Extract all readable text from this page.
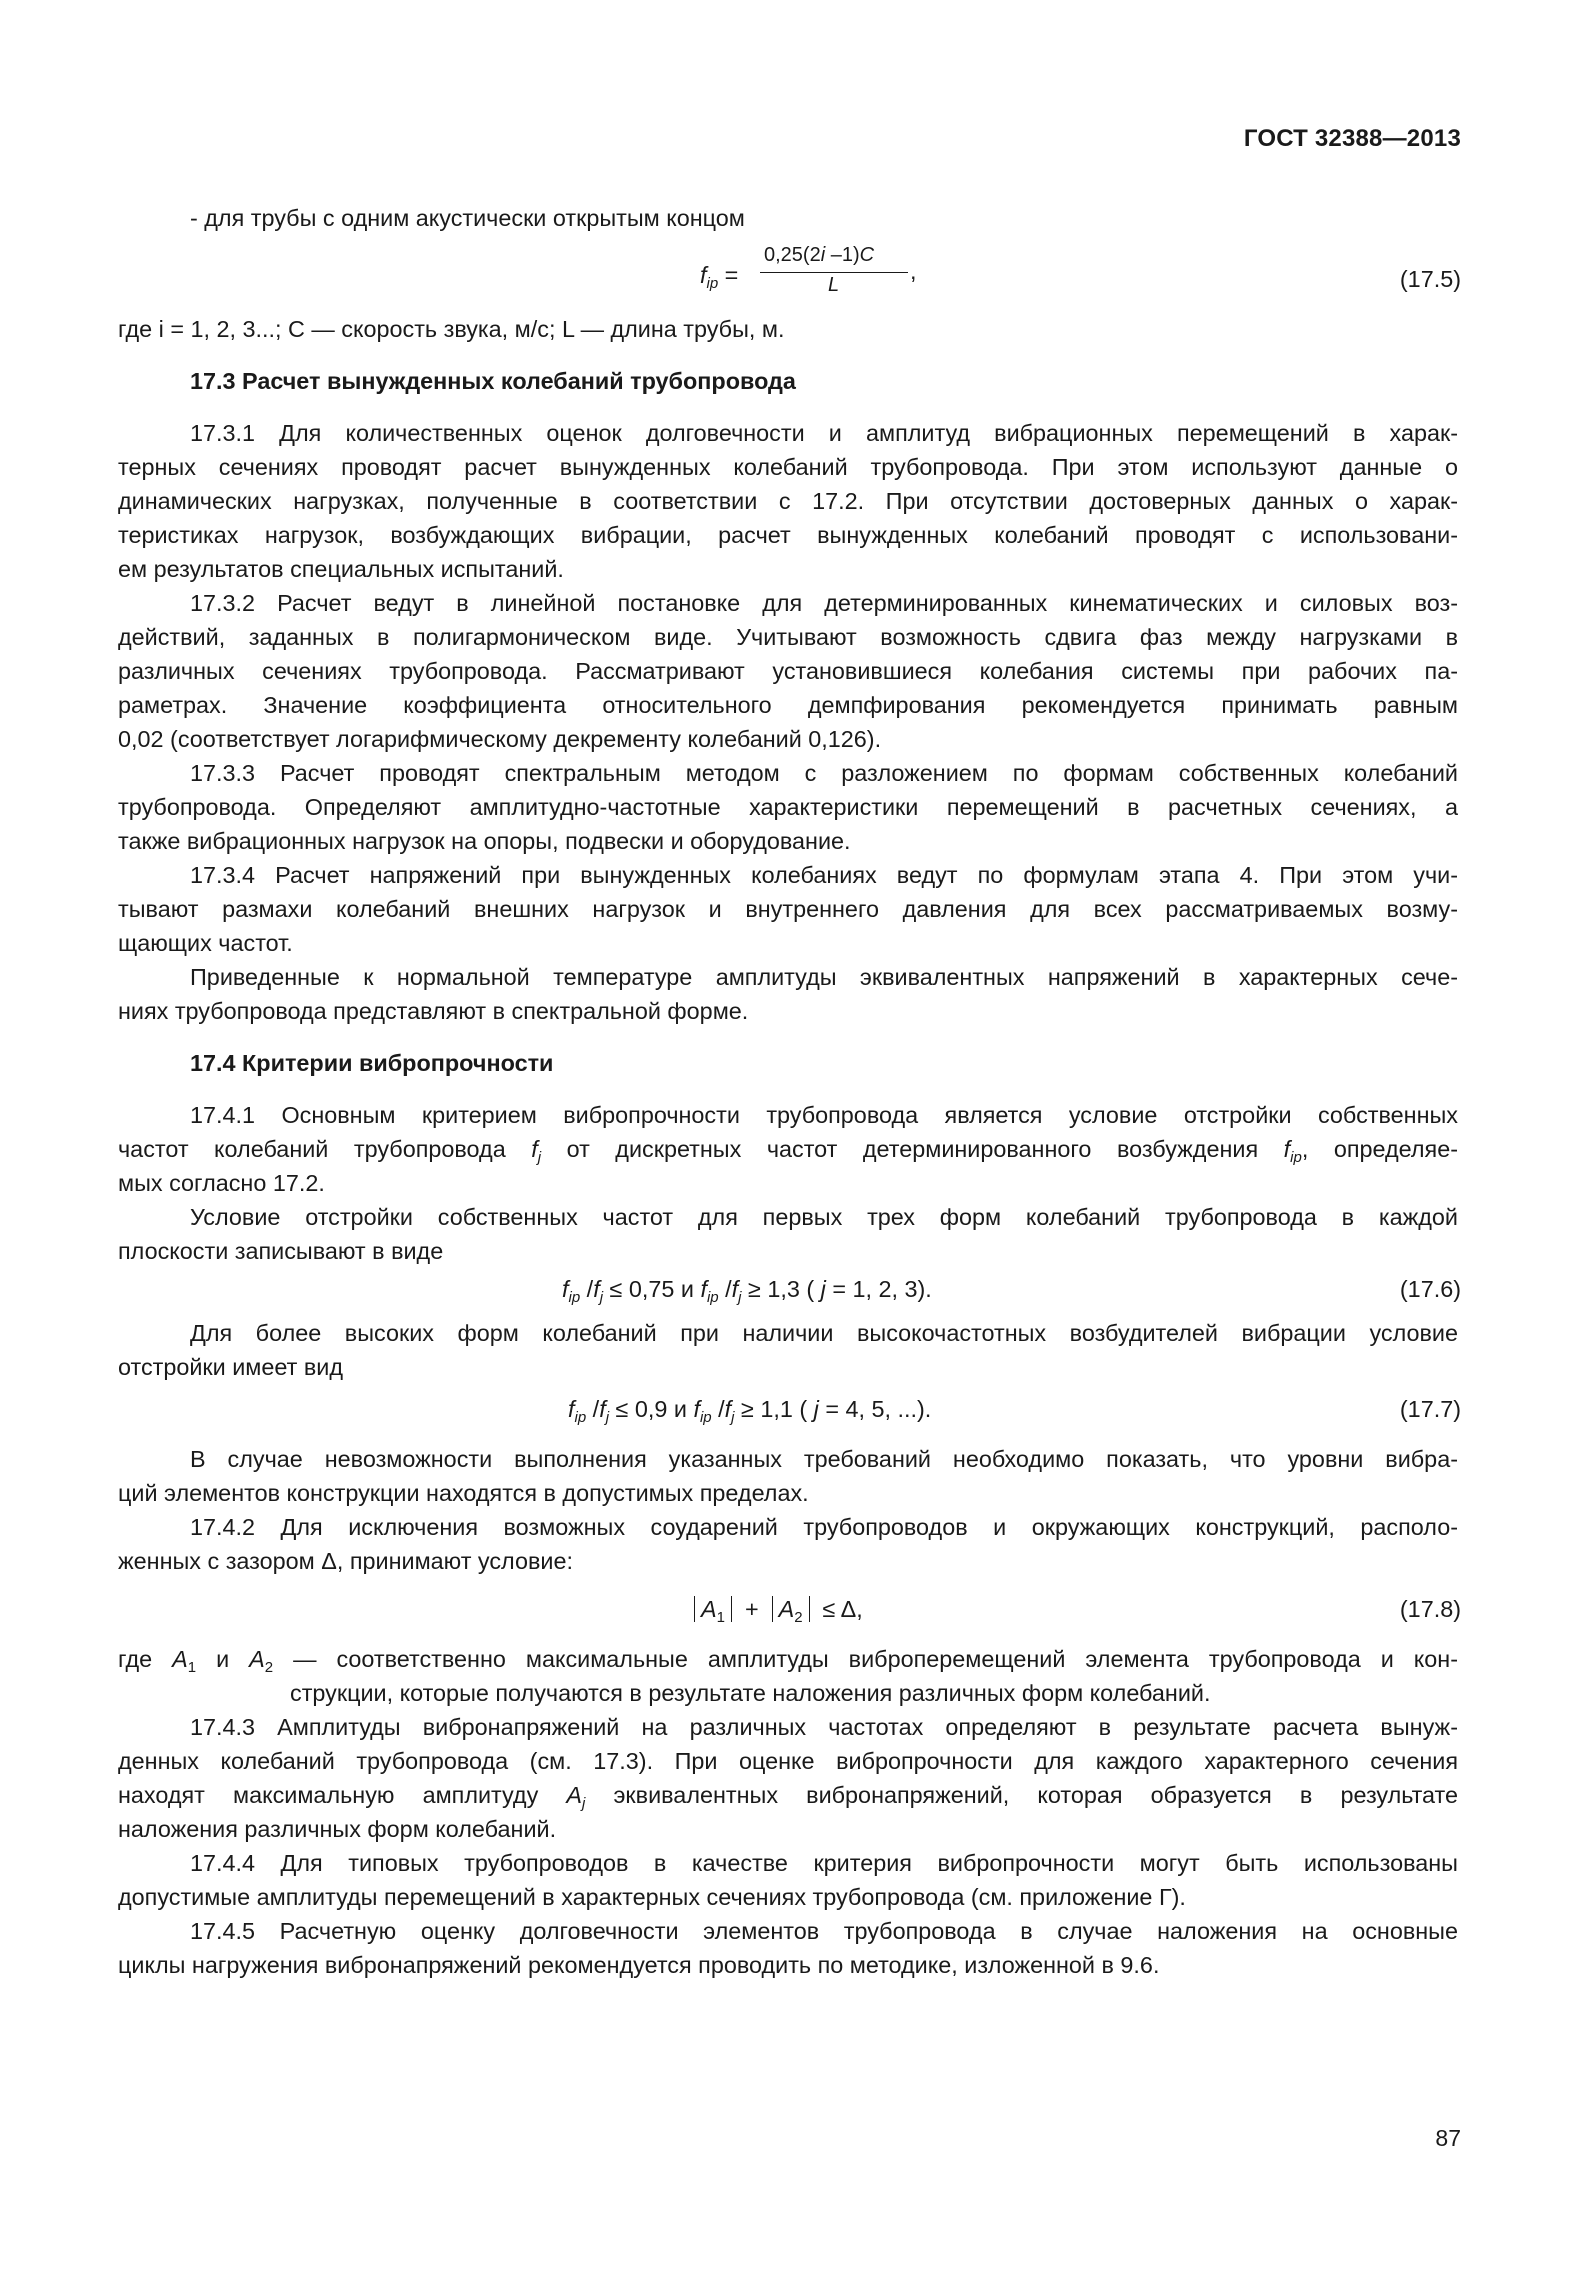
ГОСТ 32388—2013
- для трубы с одним акустически открытым концом
$f_{ip}$ =
0,25(2i –1)C
L
,	(17.5)
где i = 1, 2, 3...; C — скорость звука, м/с; L — длина трубы, м.
17.3 Расчет вынужденных колебаний трубопровода
17.3.1 Для количественных оценок долговечности и амплитуд вибрационных перемещений в харак-
терных сечениях проводят расчет вынужденных колебаний трубопровода. При этом используют данные о
динамических нагрузках, полученные в соответствии с 17.2. При отсутствии достоверных данных о харак-
теристиках нагрузок, возбуждающих вибрации, расчет вынужденных колебаний проводят с использовани-
ем результатов специальных испытаний.
17.3.2 Расчет ведут в линейной постановке для детерминированных кинематических и силовых воз-
действий, заданных в полигармоническом виде. Учитывают возможность сдвига фаз между нагрузками в
различных сечениях трубопровода. Рассматривают установившиеся колебания системы при рабочих па-
раметрах. Значение коэффициента относительного демпфирования рекомендуется принимать равным
0,02 (соответствует логарифмическому декременту колебаний 0,126).
17.3.3 Расчет проводят спектральным методом с разложением по формам собственных колебаний
трубопровода. Определяют амплитудно-частотные характеристики перемещений в расчетных сечениях, а
также вибрационных нагрузок на опоры, подвески и оборудование.
17.3.4 Расчет напряжений при вынужденных колебаниях ведут по формулам этапа 4. При этом учи-
тывают размахи колебаний внешних нагрузок и внутреннего давления для всех рассматриваемых возму-
щающих частот.
Приведенные к нормальной температуре амплитуды эквивалентных напряжений в характерных сече-
ниях трубопровода представляют в спектральной форме.
17.4 Критерии вибропрочности
17.4.1 Основным критерием вибропрочности трубопровода является условие отстройки собственных
частот колебаний трубопровода $f_j$ от дискретных частот детерминированного возбуждения $f_{ip}$, определяе-
мых согласно 17.2.
Условие отстройки собственных частот для первых трех форм колебаний трубопровода в каждой
плоскости записывают в виде
$f_{ip}$ $/f_j \le 0,75$ и $f_{ip}$ $/f_j \ge 1,3$ ( j = 1, 2, 3).	(17.6)
Для более высоких форм колебаний при наличии высокочастотных возбудителей вибрации условие
отстройки имеет вид
$f_{ip}$ $/f_j \le 0,9$ и $f_{ip}$ $/f_j \ge 1,1$ ( j = 4, 5, ...).	(17.7)
В случае невозможности выполнения указанных требований необходимо показать, что уровни вибра-
ций элементов конструкции находятся в допустимых пределах.
17.4.2 Для исключения возможных соударений трубопроводов и окружающих конструкций, располо-
женных с зазором Δ, принимают условие:
$A_1 + A_2 \le \Delta$,	(17.8)
где $A_1$ и $A_2$ — соответственно максимальные амплитуды виброперемещений элемента трубопровода и кон-
струкции, которые получаются в результате наложения различных форм колебаний.
17.4.3 Амплитуды вибронапряжений на различных частотах определяют в результате расчета вынуж-
денных колебаний трубопровода (см. 17.3). При оценке вибропрочности для каждого характерного сечения
находят максимальную амплитуду $A_j$ эквивалентных вибронапряжений, которая образуется в результате
наложения различных форм колебаний.
17.4.4 Для типовых трубопроводов в качестве критерия вибропрочности могут быть использованы
допустимые амплитуды перемещений в характерных сечениях трубопровода (см. приложение Г).
17.4.5 Расчетную оценку долговечности элементов трубопровода в случае наложения на основные
циклы нагружения вибронапряжений рекомендуется проводить по методике, изложенной в 9.6.
87
